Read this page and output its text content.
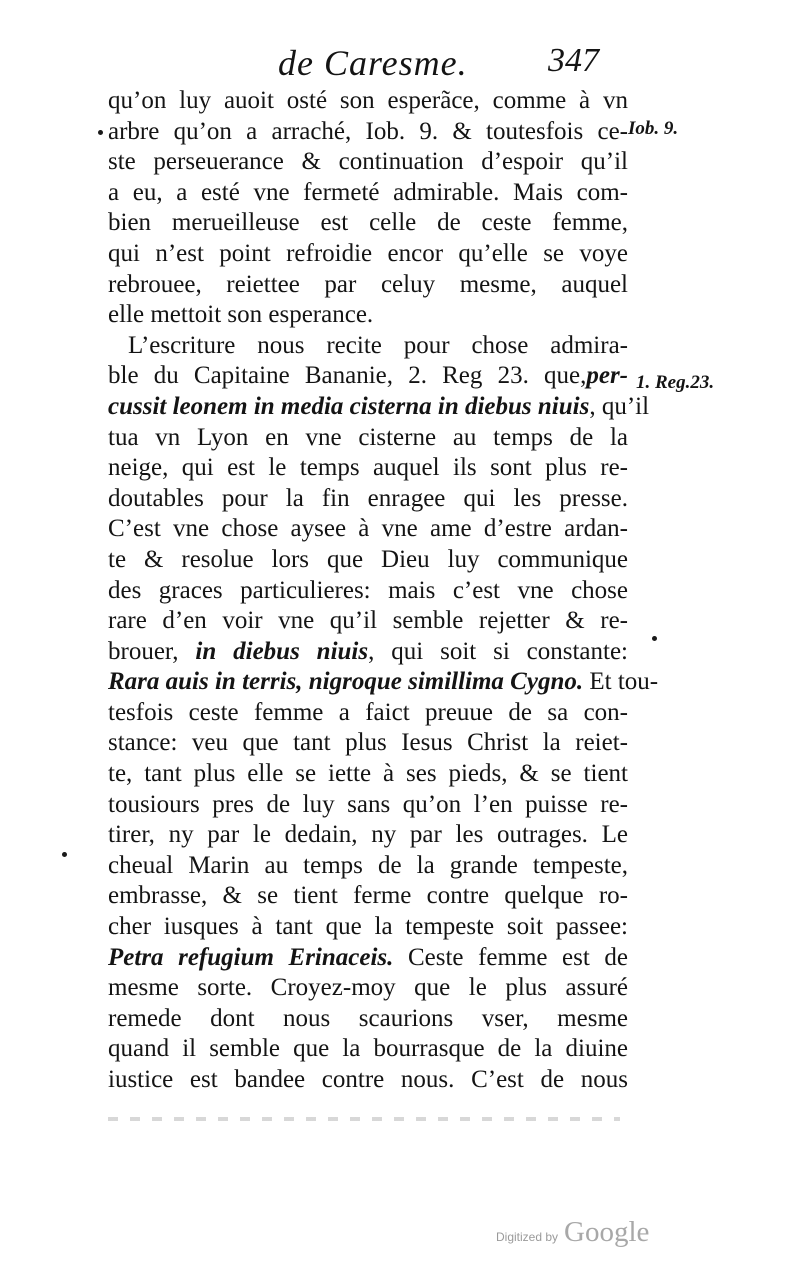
de Caresme. 347
Iob. 9.
1. Reg.23.
qu’on luy auoit osté son esperãce, comme à vn
arbre qu’on a arraché, Iob. 9. & toutesfois ce-
ste perseuerance & continuation d’espoir qu’il
a eu, a esté vne fermeté admirable. Mais com-
bien merueilleuse est celle de ceste femme,
qui n’est point refroidie encor qu’elle se voye
rebrouee, reiettee par celuy mesme, auquel
elle mettoit son esperance.
L’escriture nous recite pour chose admira-
ble du Capitaine Bananie, 2. Reg 23. que,per-
cussit leonem in media cisterna in diebus niuis, qu’il
tua vn Lyon en vne cisterne au temps de la
neige, qui est le temps auquel ils sont plus re-
doutables pour la fin enragee qui les presse.
C’est vne chose aysee à vne ame d’estre ardan-
te & resolue lors que Dieu luy communique
des graces particulieres: mais c’est vne chose
rare d’en voir vne qu’il semble rejetter & re-
brouer, in diebus niuis, qui soit si constante:
Rara auis in terris, nigroque simillima Cygno. Et tou-
tesfois ceste femme a faict preuue de sa con-
stance: veu que tant plus Iesus Christ la reiet-
te, tant plus elle se iette à ses pieds, & se tient
tousiours pres de luy sans qu’on l’en puisse re-
tirer, ny par le dedain, ny par les outrages. Le
cheual Marin au temps de la grande tempeste,
embrasse, & se tient ferme contre quelque ro-
cher iusques à tant que la tempeste soit passee:
Petra refugium Erinaceis. Ceste femme est de
mesme sorte. Croyez-moy que le plus assuré
remede dont nous scaurions vser, mesme
quand il semble que la bourrasque de la diuine
iustice est bandee contre nous. C’est de nous
Digitized by Google
